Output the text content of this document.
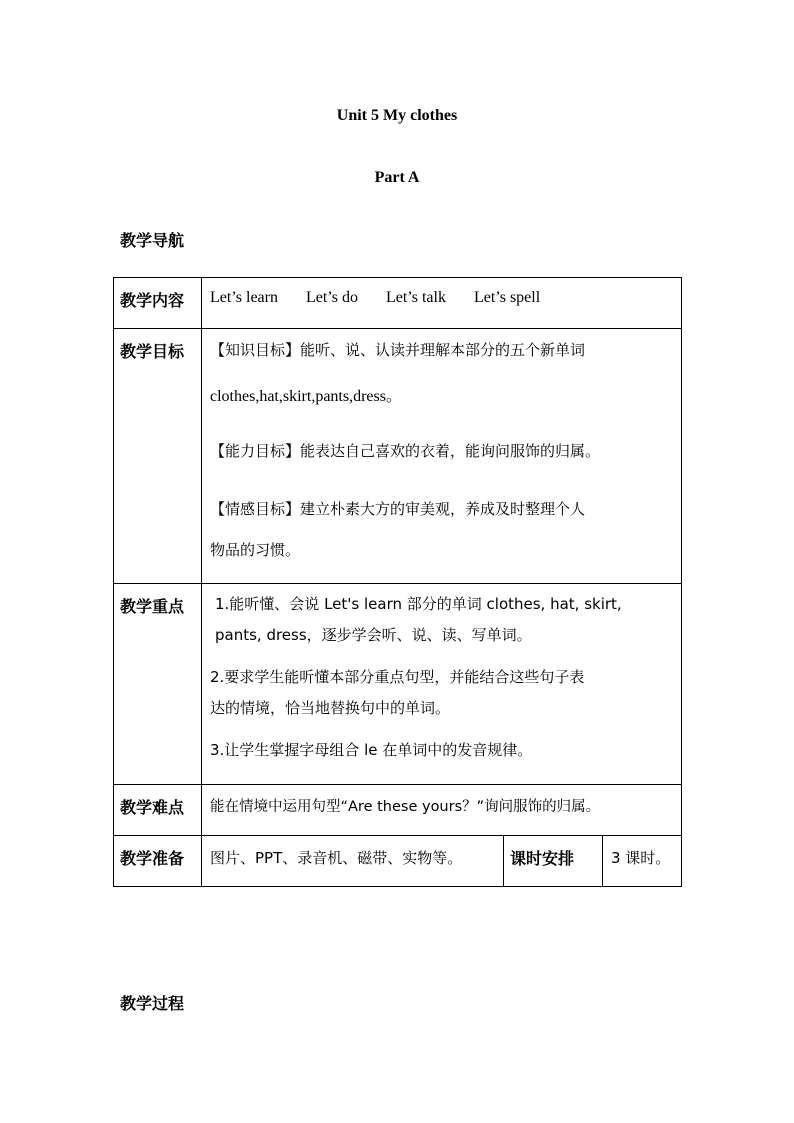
Unit 5 My clothes
Part A
教学导航
教学内容	Let’s learn Let’s do Let’s talk Let’s spell		

教学目标	【知识目标】能听、说、认读并理解本部分的五个新单词
clothes,hat,skirt,pants,dress。
【能力目标】能表达自己喜欢的衣着，能询问服饰的归属。
【情感目标】建立朴素大方的审美观，养成及时整理个人
物品的习惯。		

教学重点	1.能听懂、会说 Let's learn 部分的单词 clothes, hat, skirt,
pants, dress，逐步学会听、说、读、写单词。
2.要求学生能听懂本部分重点句型，并能结合这些句子表
达的情境，恰当地替换句中的单词。
3.让学生掌握字母组合 le 在单词中的发音规律。		

教学难点	能在情境中运用句型“Are these yours？”询问服饰的归属。		

教学准备	图片、PPT、录音机、磁带、实物等。	课时安排	3 课时。
教学过程
